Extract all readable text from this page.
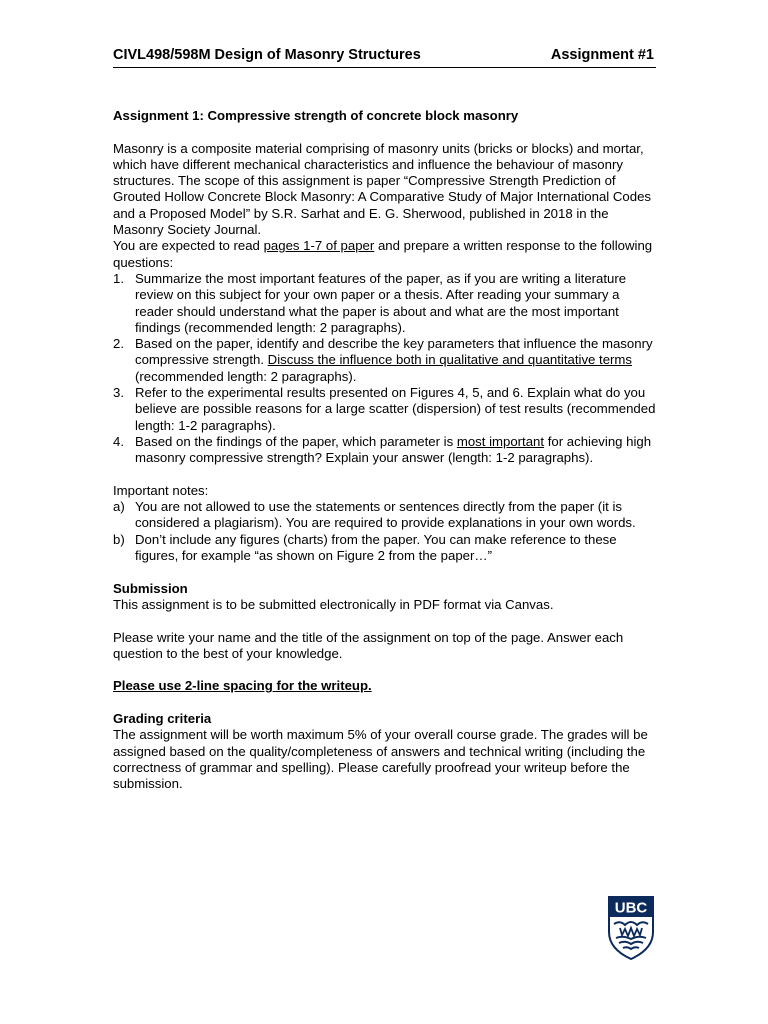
CIVL498/598M Design of Masonry Structures	Assignment #1

Assignment 1: Compressive strength of concrete block masonry

Masonry is a composite material comprising of masonry units (bricks or blocks) and mortar, which have different mechanical characteristics and influence the behaviour of masonry structures. The scope of this assignment is paper “Compressive Strength Prediction of Grouted Hollow Concrete Block Masonry: A Comparative Study of Major International Codes and a Proposed Model” by S.R. Sarhat and E. G. Sherwood, published in 2018 in the Masonry Society Journal.

You are expected to read pages 1-7 of paper and prepare a written response to the following questions:

1. Summarize the most important features of the paper, as if you are writing a literature review on this subject for your own paper or a thesis. After reading your summary a reader should understand what the paper is about and what are the most important findings (recommended length: 2 paragraphs).
2. Based on the paper, identify and describe the key parameters that influence the masonry compressive strength. Discuss the influence both in qualitative and quantitative terms (recommended length: 2 paragraphs).
3. Refer to the experimental results presented on Figures 4, 5, and 6. Explain what do you believe are possible reasons for a large scatter (dispersion) of test results (recommended length: 1-2 paragraphs).
4. Based on the findings of the paper, which parameter is most important for achieving high masonry compressive strength? Explain your answer (length: 1-2 paragraphs).

Important notes:

a) You are not allowed to use the statements or sentences directly from the paper (it is considered a plagiarism). You are required to provide explanations in your own words.
b) Don’t include any figures (charts) from the paper. You can make reference to these figures, for example “as shown on Figure 2 from the paper…”

Submission

This assignment is to be submitted electronically in PDF format via Canvas.

Please write your name and the title of the assignment on top of the page. Answer each question to the best of your knowledge.

Please use 2-line spacing for the writeup.

Grading criteria

The assignment will be worth maximum 5% of your overall course grade. The grades will be assigned based on the quality/completeness of answers and technical writing (including the correctness of grammar and spelling). Please carefully proofread your writeup before the submission.

UBC
